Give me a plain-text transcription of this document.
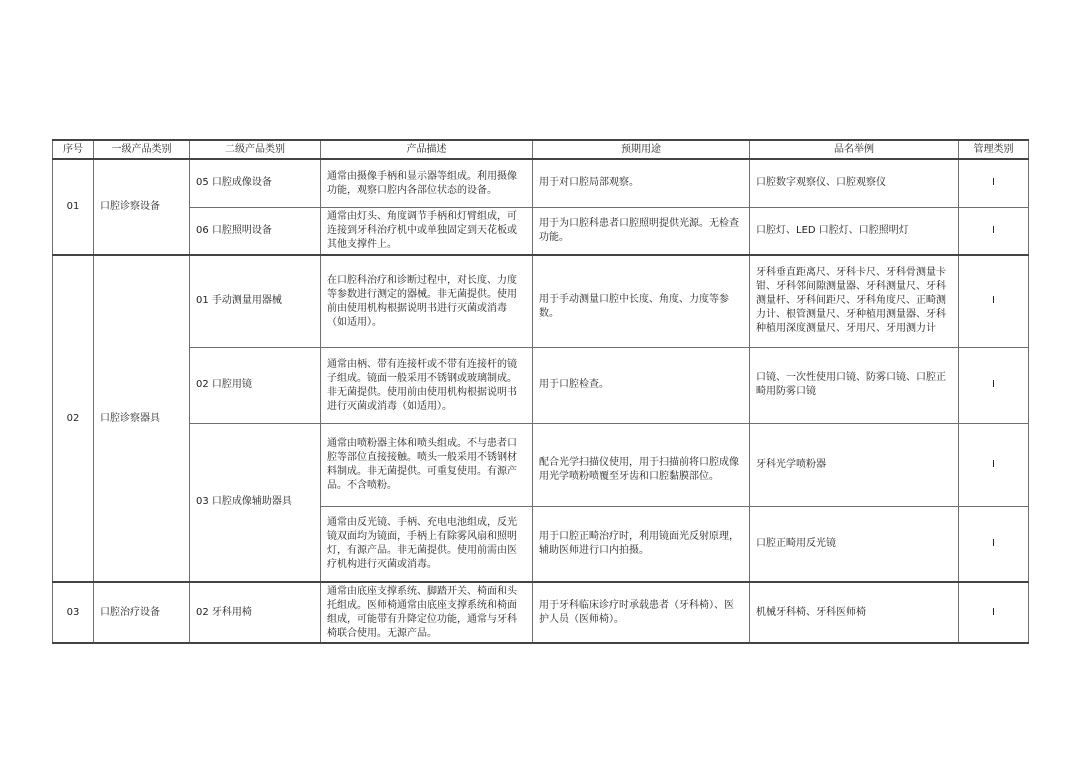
序号	一级产品类别	二级产品类别	产品描述	预期用途	品名举例	管理类别
01	口腔诊察设备	05 口腔成像设备	通常由摄像手柄和显示器等组成。利用摄像功能，观察口腔内各部位状态的设备。	用于对口腔局部观察。	口腔数字观察仪、口腔观察仪	I
		06 口腔照明设备	通常由灯头、角度调节手柄和灯臂组成，可连接到牙科治疗机中或单独固定到天花板或其他支撑件上。	用于为口腔科患者口腔照明提供光源。无检查功能。	口腔灯、LED 口腔灯、口腔照明灯	I
02	口腔诊察器具	01 手动测量用器械	在口腔科治疗和诊断过程中，对长度、力度等参数进行测定的器械。非无菌提供。使用前由使用机构根据说明书进行灭菌或消毒（如适用）。	用于手动测量口腔中长度、角度、力度等参数。	牙科垂直距离尺、牙科卡尺、牙科骨测量卡钳、牙科邻间隙测量器、牙科测量尺、牙科测量杆、牙科间距尺、牙科角度尺、正畸测力计、根管测量尺、牙种植用测量器、牙科种植用深度测量尺、牙用尺、牙用测力计	I
		02 口腔用镜	通常由柄、带有连接杆或不带有连接杆的镜子组成。镜面一般采用不锈钢或玻璃制成。非无菌提供。使用前由使用机构根据说明书进行灭菌或消毒（如适用）。	用于口腔检查。	口镜、一次性使用口镜、防雾口镜、口腔正畸用防雾口镜	I
		03 口腔成像辅助器具	通常由喷粉器主体和喷头组成。不与患者口腔等部位直接接触。喷头一般采用不锈钢材料制成。非无菌提供。可重复使用。有源产品。不含喷粉。	配合光学扫描仪使用，用于扫描前将口腔成像用光学喷粉喷覆至牙齿和口腔黏膜部位。	牙科光学喷粉器	I
			通常由反光镜、手柄、充电电池组成，反光镜双面均为镜面，手柄上有除雾风扇和照明灯，有源产品。非无菌提供。使用前需由医疗机构进行灭菌或消毒。	用于口腔正畸治疗时，利用镜面光反射原理，辅助医师进行口内拍摄。	口腔正畸用反光镜	I
03	口腔治疗设备	02 牙科用椅	通常由底座支撑系统、脚踏开关、椅面和头托组成。医师椅通常由底座支撑系统和椅面组成，可能带有升降定位功能，通常与牙科椅联合使用。无源产品。	用于牙科临床诊疗时承载患者（牙科椅）、医护人员（医师椅）。	机械牙科椅、牙科医师椅	I
